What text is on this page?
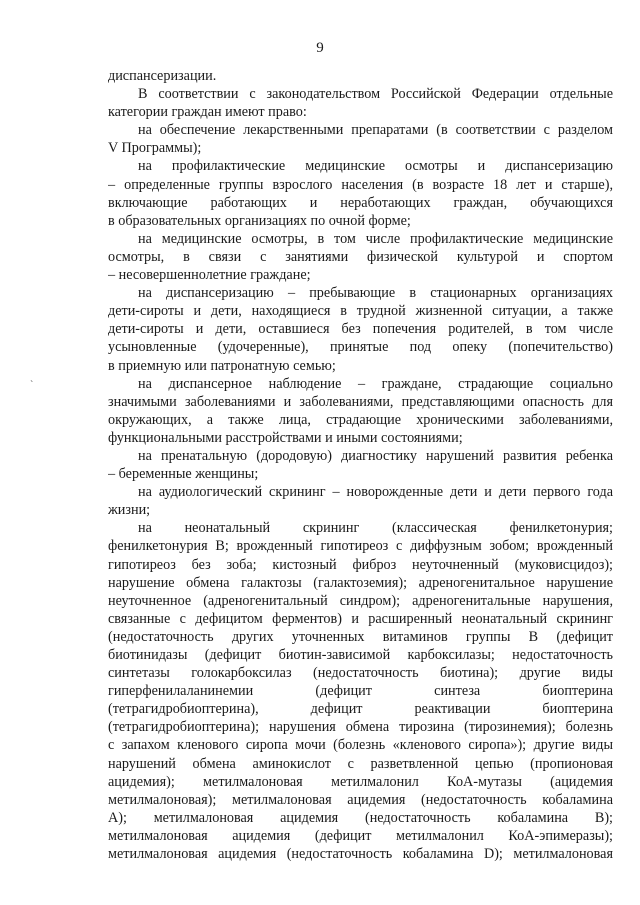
9
`
диспансеризации.
В соответствии с законодательством Российской Федерации отдельные
категории граждан имеют право:
на обеспечение лекарственными препаратами (в соответствии с разделом
V Программы);
на профилактические медицинские осмотры и диспансеризацию
– определенные группы взрослого населения (в возрасте 18 лет и старше),
включающие работающих и неработающих граждан, обучающихся
в образовательных организациях по очной форме;
на медицинские осмотры, в том числе профилактические медицинские
осмотры, в связи с занятиями физической культурой и спортом
– несовершеннолетние граждане;
на диспансеризацию – пребывающие в стационарных организациях
дети-сироты и дети, находящиеся в трудной жизненной ситуации, а также
дети-сироты и дети, оставшиеся без попечения родителей, в том числе
усыновленные (удочеренные), принятые под опеку (попечительство)
в приемную или патронатную семью;
на диспансерное наблюдение – граждане, страдающие социально
значимыми заболеваниями и заболеваниями, представляющими опасность для
окружающих, а также лица, страдающие хроническими заболеваниями,
функциональными расстройствами и иными состояниями;
на пренатальную (дородовую) диагностику нарушений развития ребенка
– беременные женщины;
на аудиологический скрининг – новорожденные дети и дети первого года
жизни;
на неонатальный скрининг (классическая фенилкетонурия;
фенилкетонурия B; врожденный гипотиреоз с диффузным зобом; врожденный
гипотиреоз без зоба; кистозный фиброз неуточненный (муковисцидоз);
нарушение обмена галактозы (галактоземия); адреногенитальное нарушение
неуточненное (адреногенитальный синдром); адреногенитальные нарушения,
связанные с дефицитом ферментов) и расширенный неонатальный скрининг
(недостаточность других уточненных витаминов группы B (дефицит
биотинидазы (дефицит биотин-зависимой карбоксилазы; недостаточность
синтетазы голокарбоксилаз (недостаточность биотина); другие виды
гиперфенилаланинемии (дефицит синтеза биоптерина
(тетрагидробиоптерина), дефицит реактивации биоптерина
(тетрагидробиоптерина); нарушения обмена тирозина (тирозинемия); болезнь
с запахом кленового сиропа мочи (болезнь «кленового сиропа»); другие виды
нарушений обмена аминокислот с разветвленной цепью (пропионовая
ацидемия); метилмалоновая метилмалонил КоА-мутазы (ацидемия
метилмалоновая); метилмалоновая ацидемия (недостаточность кобаламина
A); метилмалоновая ацидемия (недостаточность кобаламина B);
метилмалоновая ацидемия (дефицит метилмалонил КоА-эпимеразы);
метилмалоновая ацидемия (недостаточность кобаламина D); метилмалоновая
